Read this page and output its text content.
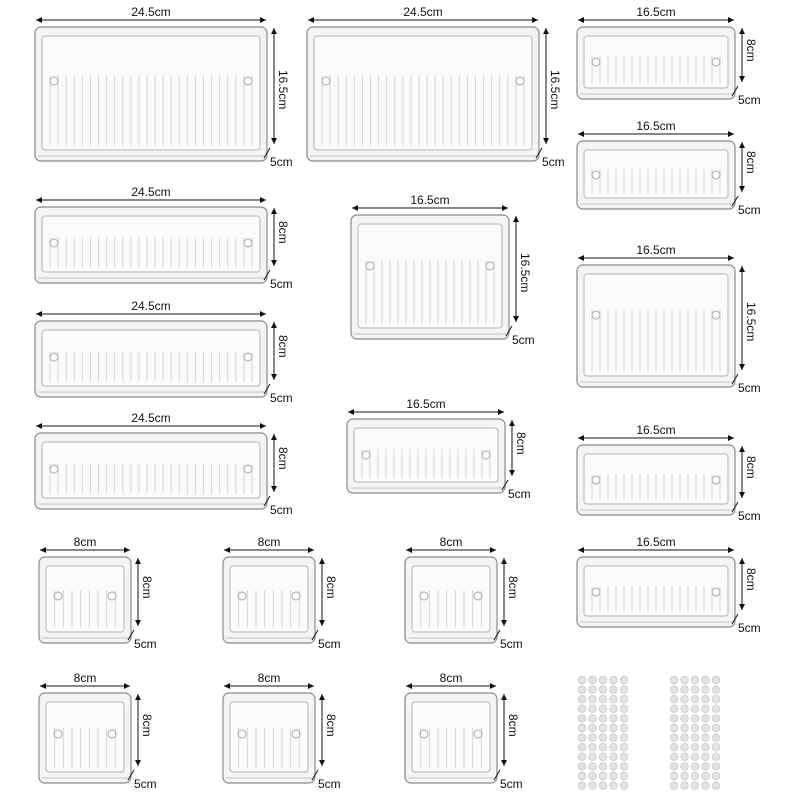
24.5cm
16.5cm
5cm
24.5cm
16.5cm
5cm
16.5cm
8cm
5cm
16.5cm
8cm
5cm
24.5cm
8cm
5cm
16.5cm
16.5cm
5cm
16.5cm
16.5cm
5cm
24.5cm
8cm
5cm
24.5cm
8cm
5cm
16.5cm
8cm
5cm
16.5cm
8cm
5cm
16.5cm
8cm
5cm
8cm
8cm
5cm
8cm
8cm
5cm
8cm
8cm
5cm
8cm
8cm
5cm
8cm
8cm
5cm
8cm
8cm
5cm
